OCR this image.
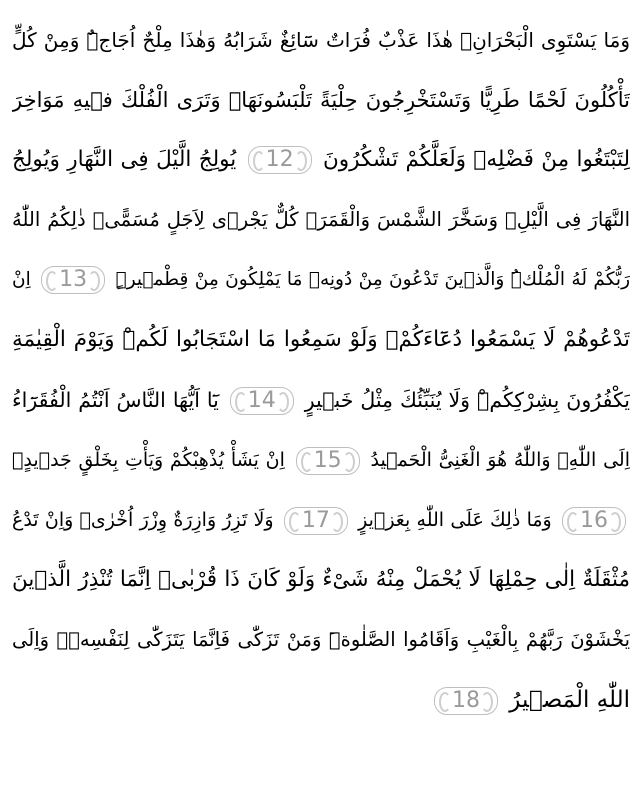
وَمَا يَسْتَوِى الْبَحْرَانِۗ هٰذَا عَذْبٌ فُرَاتٌ سَٓائِغٌ شَرَابُهُ وَهٰذَا مِلْحٌ اُجَاجٌۜ وَمِنْ كُلٍّ
تَأْكُلُونَ لَحْمًا طَرِيًّا وَتَسْتَخْرِجُونَ حِلْيَةً تَلْبَسُونَهَاۚ وَتَرَى الْفُلْكَ فٖيهِ مَوَاخِرَ
لِتَبْتَغُوا مِنْ فَضْلِهٖ وَلَعَلَّكُمْ تَشْكُرُونَ
12
يُولِجُ الَّيْلَ فِى النَّهَارِ وَيُولِجُ
النَّهَارَ فِى الَّيْلِۙ وَسَخَّرَ الشَّمْسَ وَالْقَمَرَۘ كُلٌّ يَجْرٖى لِاَجَلٍ مُسَمًّىۜ ذٰلِكُمُ اللّٰهُ
رَبُّكُمْ لَهُ الْمُلْكُۜ وَالَّذٖينَ تَدْعُونَ مِنْ دُونِهٖ مَا يَمْلِكُونَ مِنْ قِطْمٖيرٍۜ
13
اِنْ
تَدْعُوهُمْ لَا يَسْمَعُوا دُعَٓاءَكُمْۚ وَلَوْ سَمِعُوا مَا اسْتَجَابُوا لَكُمْۜ وَيَوْمَ الْقِيٰمَةِ
يَكْفُرُونَ بِشِرْكِكُمْۜ وَلَا يُنَبِّئُكَ مِثْلُ خَبٖيرٍ
14
يَٓا اَيُّهَا النَّاسُ اَنْتُمُ الْفُقَرَٓاءُ
اِلَى اللّٰهِۚ وَاللّٰهُ هُوَ الْغَنِىُّ الْحَمٖيدُ
15
اِنْ يَشَأْ يُذْهِبْكُمْ وَيَأْتِ بِخَلْقٍ جَدٖيدٍۚ
16
وَمَا ذٰلِكَ عَلَى اللّٰهِ بِعَزٖيزٍ
17
وَلَا تَزِرُ وَازِرَةٌ وِزْرَ اُخْرٰىۜ وَاِنْ تَدْعُ
مُثْقَلَةٌ اِلٰى حِمْلِهَا لَا يُحْمَلْ مِنْهُ شَیْءٌ وَلَوْ كَانَ ذَا قُرْبٰىۜ اِنَّمَا تُنْذِرُ الَّذٖينَ
يَخْشَوْنَ رَبَّهُمْ بِالْغَيْبِ وَاَقَامُوا الصَّلٰوةَۜ وَمَنْ تَزَكّٰى فَاِنَّمَا يَتَزَكّٰى لِنَفْسِهٖۜ وَاِلَى
اللّٰهِ الْمَصٖيرُ
18
